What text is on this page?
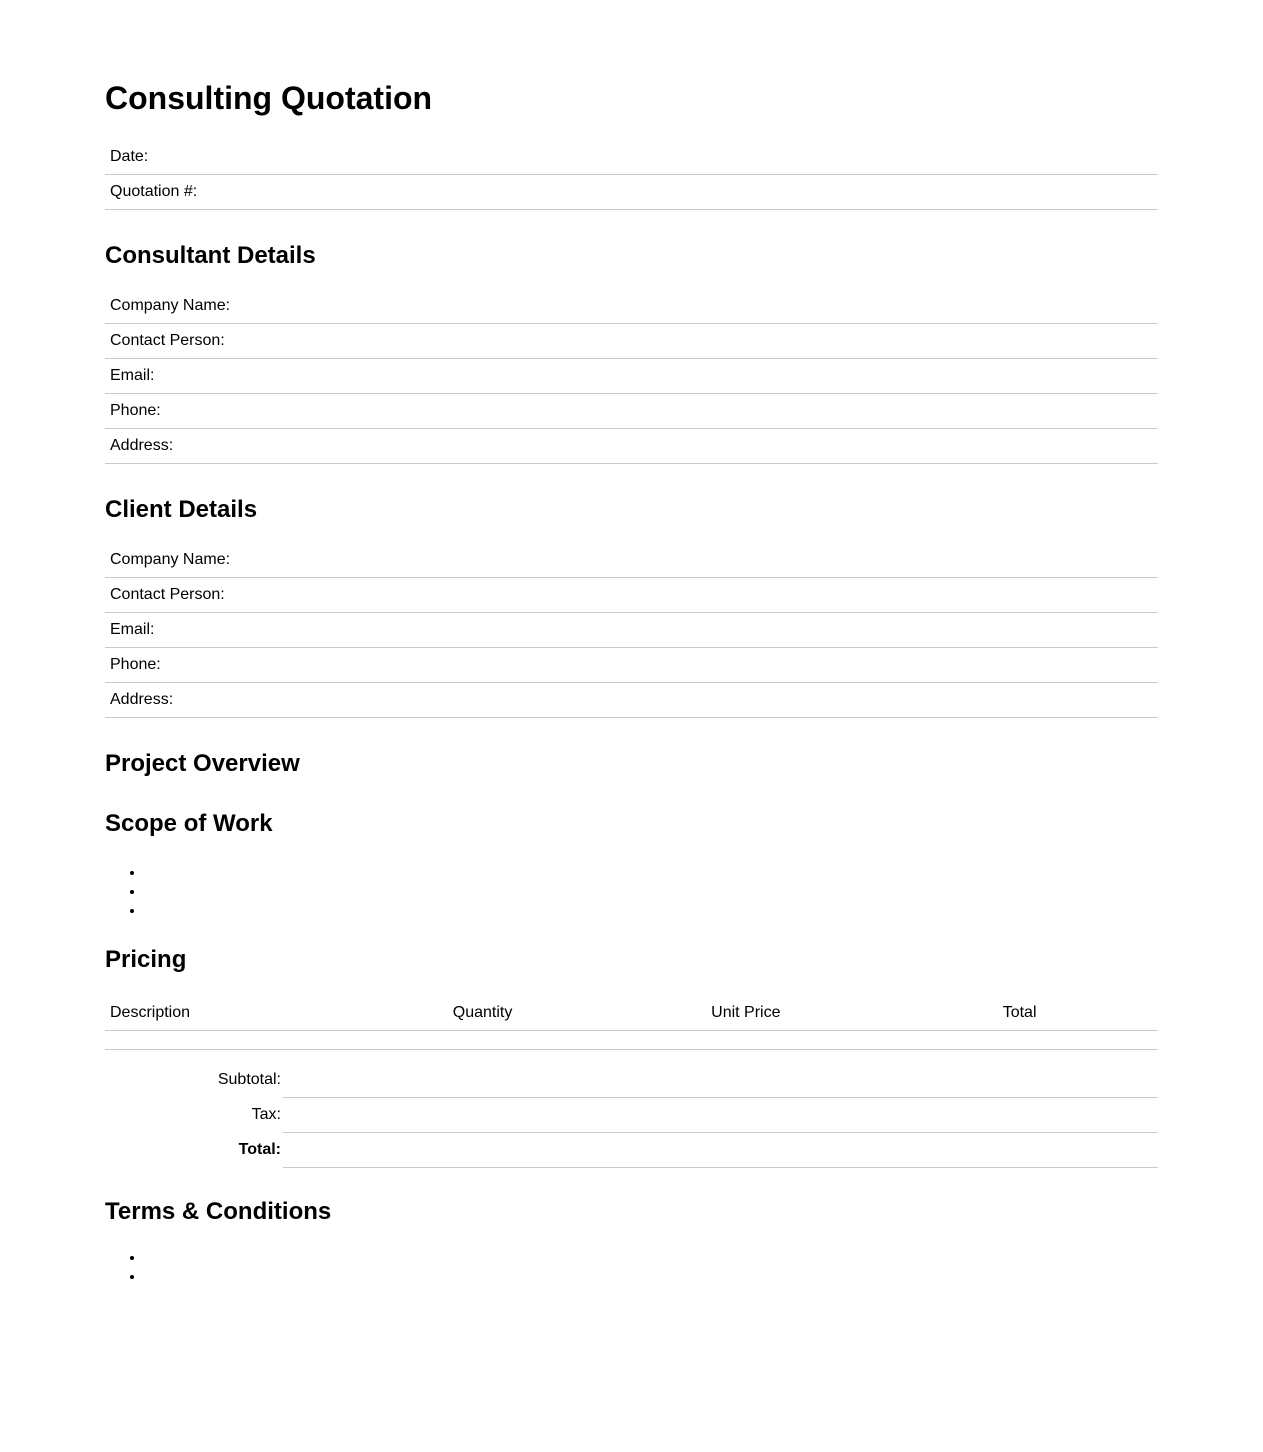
Consulting Quotation
Date:
Quotation #:
Consultant Details
Company Name:
Contact Person:
Email:
Phone:
Address:
Client Details
Company Name:
Contact Person:
Email:
Phone:
Address:
Project Overview
Scope of Work
•
•
•
Pricing
Description	Quantity	Unit Price	Total

Subtotal:	
Tax:	
Total:	
Terms & Conditions
•
•
